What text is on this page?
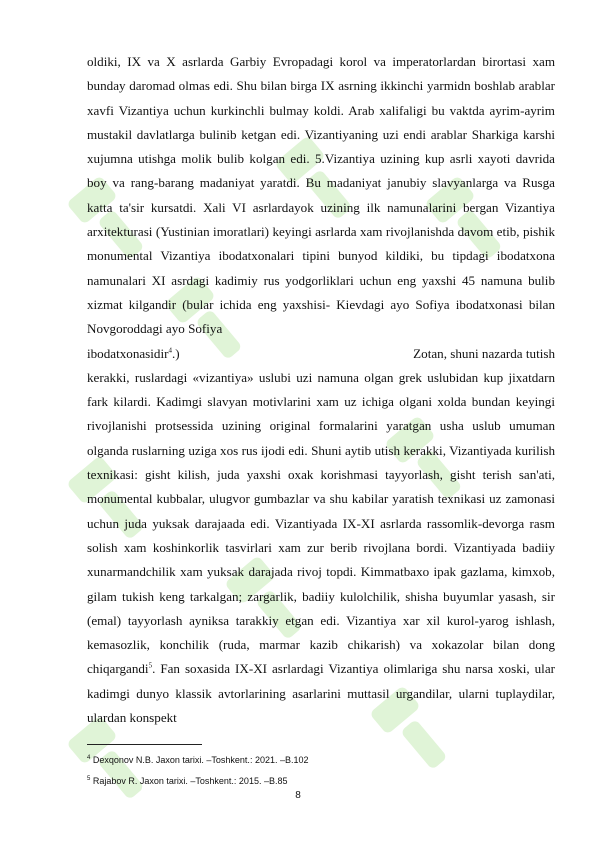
oldiki, IX va X asrlarda Garbiy Evropadagi korol va imperatorlardan birortasi xam bunday daromad olmas edi. Shu bilan birga IX asrning ikkinchi yarmidn boshlab arablar xavfi Vizantiya uchun kurkinchli bulmay koldi. Arab xalifaligi bu vaktda ayrim-ayrim mustakil davlatlarga bulinib ketgan edi. Vizantiyaning uzi endi arablar Sharkiga karshi xujumna utishga molik bulib kolgan edi. 5.Vizantiya uzining kup asrli xayoti davrida boy va rang-barang madaniyat yaratdi. Bu madaniyat janubiy slavyanlarga va Rusga katta ta'sir kursatdi. Xali VI asrlardayok uzining ilk namunalarini bergan Vizantiya arxitekturasi (Yustinian imoratlari) keyingi asrlarda xam rivojlanishda davom etib, pishik monumental Vizantiya ibodatxonalari tipini bunyod kildiki, bu tipdagi ibodatxona namunalari XI asrdagi kadimiy rus yodgorliklari uchun eng yaxshi 45 namuna bulib xizmat kilgandir (bular ichida eng yaxshisi- Kievdagi ayo Sofiya ibodatxonasi bilan Novgoroddagi ayo Sofiya

ibodatxonasidir$^4$.)	Zotan, shuni nazarda tutish

kerakki, ruslardagi «vizantiya» uslubi uzi namuna olgan grek uslubidan kup jixatdarn fark kilardi. Kadimgi slavyan motivlarini xam uz ichiga olgani xolda bundan keyingi rivojlanishi protsessida uzining original formalarini yaratgan usha uslub umuman olganda ruslarning uziga xos rus ijodi edi. Shuni aytib utish kerakki, Vizantiyada kurilish texnikasi: gisht kilish, juda yaxshi oxak korishmasi tayyorlash, gisht terish san'ati, monumental kubbalar, ulugvor gumbazlar va shu kabilar yaratish texnikasi uz zamonasi uchun juda yuksak darajaada edi. Vizantiyada IX-XI asrlarda rassomlik-devorga rasm solish xam koshinkorlik tasvirlari xam zur berib rivojlana bordi. Vizantiyada badiiy xunarmandchilik xam yuksak darajada rivoj topdi. Kimmatbaxo ipak gazlama, kimxob, gilam tukish keng tarkalgan; zargarlik, badiiy kulolchilik, shisha buyumlar yasash, sir (emal) tayyorlash ayniksa tarakkiy etgan edi. Vizantiya xar xil kurol-yarog ishlash, kemasozlik, konchilik (ruda, marmar kazib chikarish) va xokazolar bilan dong chiqargandi$^5$. Fan soxasida IX-XI asrlardagi Vizantiya olimlariga shu narsa xoski, ular kadimgi dunyo klassik avtorlarining asarlarini muttasil urgandilar, ularni tuplaydilar, ulardan konspekt

$^4$ Dexqonov N.B. Jaxon tarixi. –Toshkent.: 2021. –B.102
$^5$ Rajabov R. Jaxon tarixi. –Toshkent.: 2015. –B.85
8
